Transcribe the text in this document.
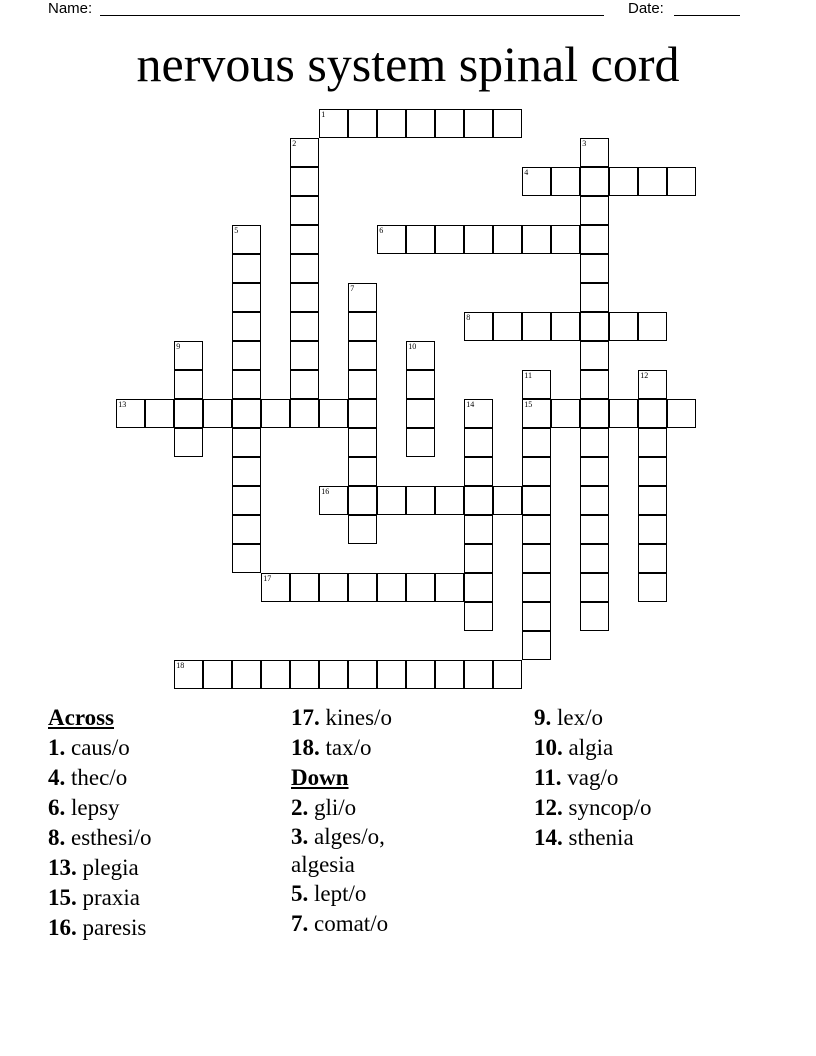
Name:	Date:
nervous system spinal cord
1
2	3
4
5	6
7
8
9	10
11
15
12
13	14
16
17
18
Across
1. caus/o
4. thec/o
6. lepsy
8. esthesi/o
13. plegia
15. praxia
16. paresis
17. kines/o
18. tax/o
Down
2. gli/o
3. alges/o, algesia
5. lept/o
7. comat/o
9. lex/o
10. algia
11. vag/o
12. syncop/o
14. sthenia
